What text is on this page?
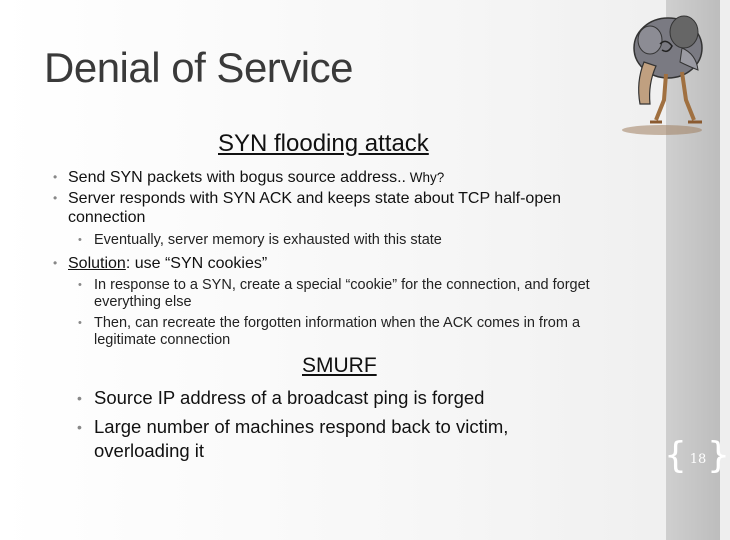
Denial of Service
SYN flooding attack
• Send SYN packets with bogus source address.. Why?
• Server responds with SYN ACK and keeps state about TCP half-open connection
• Eventually, server memory is exhausted with this state
• Solution: use “SYN cookies”
• In response to a SYN, create a special “cookie” for the connection, and forget everything else
• Then, can recreate the forgotten information when the ACK comes in from a legitimate connection
SMURF
• Source IP address of a broadcast ping is forged
• Large number of machines respond back to victim, overloading it	{ }
18
